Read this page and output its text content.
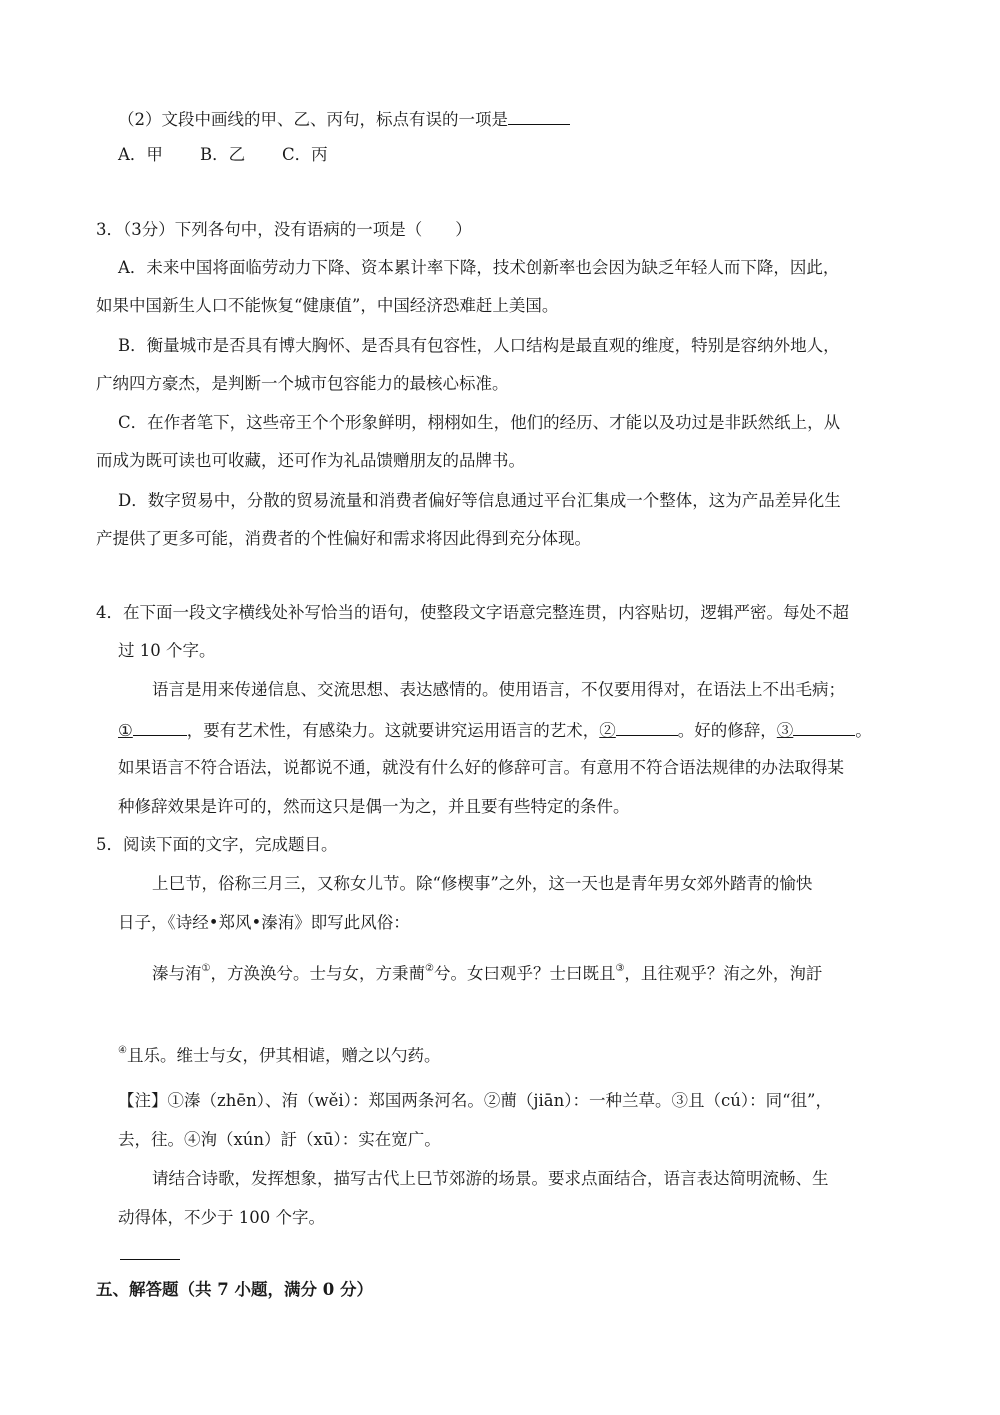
（2）文段中画线的甲、乙、丙句，标点有误的一项是
A．甲 B．乙 C．丙
3．（3分）下列各句中，没有语病的一项是（　　）
A．未来中国将面临劳动力下降、资本累计率下降，技术创新率也会因为缺乏年轻人而下降，因此，
如果中国新生人口不能恢复“健康值”，中国经济恐难赶上美国。
B．衡量城市是否具有博大胸怀、是否具有包容性，人口结构是最直观的维度，特别是容纳外地人，
广纳四方豪杰，是判断一个城市包容能力的最核心标准。
C．在作者笔下，这些帝王个个形象鲜明，栩栩如生，他们的经历、才能以及功过是非跃然纸上，从
而成为既可读也可收藏，还可作为礼品馈赠朋友的品牌书。
D．数字贸易中，分散的贸易流量和消费者偏好等信息通过平台汇集成一个整体，这为产品差异化生
产提供了更多可能，消费者的个性偏好和需求将因此得到充分体现。
4．在下面一段文字横线处补写恰当的语句，使整段文字语意完整连贯，内容贴切，逻辑严密。每处不超
过 10 个字。
语言是用来传递信息、交流思想、表达感情的。使用语言，不仅要用得对，在语法上不出毛病；
①	，要有艺术性，有感染力。这就要讲究运用语言的艺术，②	。好的修辞，③	。
如果语言不符合语法，说都说不通，就没有什么好的修辞可言。有意用不符合语法规律的办法取得某
种修辞效果是许可的，然而这只是偶一为之，并且要有些特定的条件。
5．阅读下面的文字，完成题目。
上巳节，俗称三月三，又称女儿节。除“修楔事”之外，这一天也是青年男女郊外踏青的愉快
日子，《诗经•郑风•溱洧》即写此风俗：
溱与洧①，方涣涣兮。士与女，方秉蕳②兮。女曰观乎？士曰既且③，且往观乎？洧之外，洵訏
④且乐。维士与女，伊其相谑，赠之以勺药。
【注】①溱（zhēn）、洧（wěi）：郑国两条河名。②蕳（jiān）：一种兰草。③且（cú）：同“徂”，
去，往。④洵（xún）訏（xū）：实在宽广。
请结合诗歌，发挥想象，描写古代上巳节郊游的场景。要求点面结合，语言表达简明流畅、生
动得体，不少于 100 个字。
五、解答题（共 7 小题，满分 0 分）
